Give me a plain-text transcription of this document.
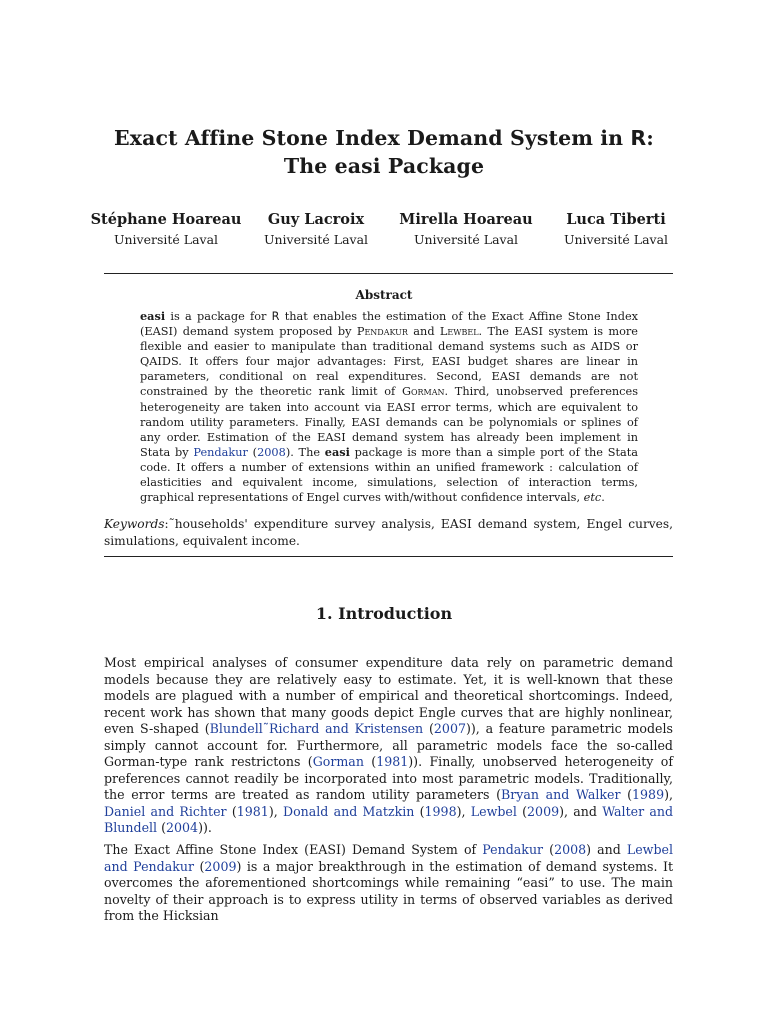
Exact Affine Stone Index Demand System in R:
The easi Package
Stéphane Hoareau
Université Laval
Guy Lacroix
Université Laval
Mirella Hoareau
Université Laval
Luca Tiberti
Université Laval
Abstract
easi is a package for R that enables the estimation of the Exact Affine Stone Index (EASI) demand system proposed by Pendakur and Lewbel. The EASI system is more flexible and easier to manipulate than traditional demand systems such as AIDS or QAIDS. It offers four major advantages: First, EASI budget shares are linear in parameters, conditional on real expenditures. Second, EASI demands are not constrained by the theoretic rank limit of Gorman. Third, unobserved preferences heterogeneity are taken into account via EASI error terms, which are equivalent to random utility parameters. Finally, EASI demands can be polynomials or splines of any order. Estimation of the EASI demand system has already been implement in Stata by Pendakur (2008). The easi package is more than a simple port of the Stata code. It offers a number of extensions within an unified framework : calculation of elasticities and equivalent income, simulations, selection of interaction terms, graphical representations of Engel curves with/without confidence intervals, etc.
Keywords:˜households' expenditure survey analysis, EASI demand system, Engel curves, simulations, equivalent income.
1. Introduction
Most empirical analyses of consumer expenditure data rely on parametric demand models because they are relatively easy to estimate. Yet, it is well-known that these models are plagued with a number of empirical and theoretical shortcomings. Indeed, recent work has shown that many goods depict Engle curves that are highly nonlinear, even S-shaped (Blundell˜Richard and Kristensen (2007)), a feature parametric models simply cannot account for. Furthermore, all parametric models face the so-called Gorman-type rank restrictons (Gorman (1981)). Finally, unobserved heterogeneity of preferences cannot readily be incorporated into most parametric models. Traditionally, the error terms are treated as random utility parameters (Bryan and Walker (1989), Daniel and Richter (1981), Donald and Matzkin (1998), Lewbel (2009), and Walter and Blundell (2004)).
The Exact Affine Stone Index (EASI) Demand System of Pendakur (2008) and Lewbel and Pendakur (2009) is a major breakthrough in the estimation of demand systems. It overcomes the aforementioned shortcomings while remaining “easi” to use. The main novelty of their approach is to express utility in terms of observed variables as derived from the Hicksian
